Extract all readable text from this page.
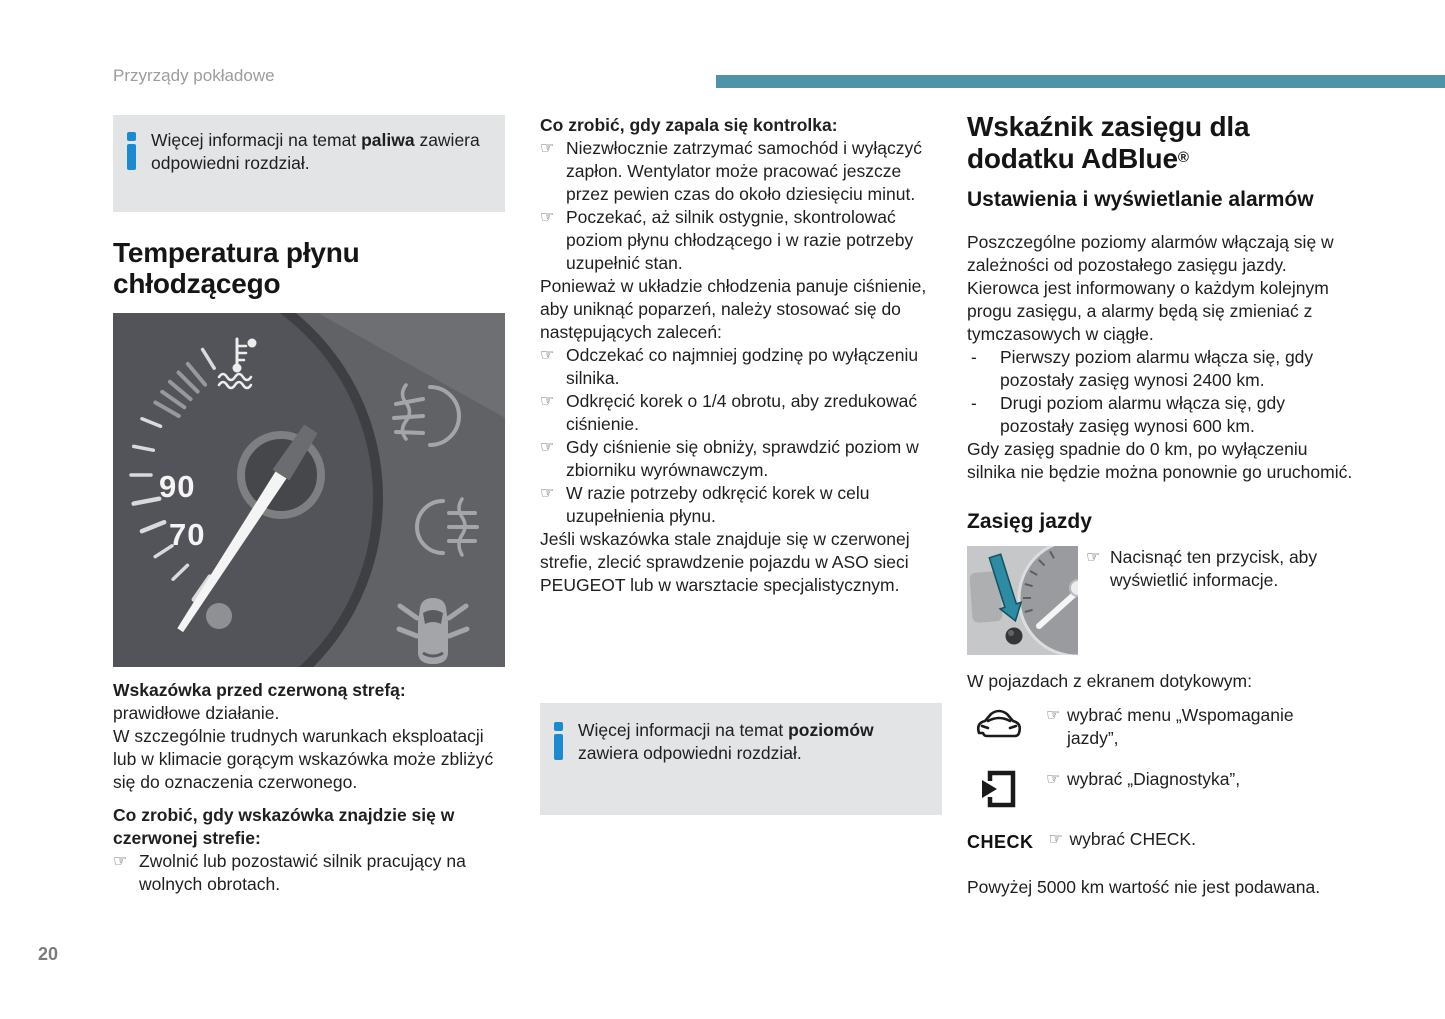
Przyrządy pokładowe
Więcej informacji na temat paliwa zawiera odpowiedni rozdział.
Temperatura płynu chłodzącego
90
70
Wskazówka przed czerwoną strefą:
prawidłowe działanie.
W szczególnie trudnych warunkach eksploatacji lub w klimacie gorącym wskazówka może zbliżyć się do oznaczenia czerwonego.
Co zrobić, gdy wskazówka znajdzie się w czerwonej strefie:
☞ Zwolnić lub pozostawić silnik pracujący na wolnych obrotach.
Co zrobić, gdy zapala się kontrolka:
☞ Niezwłocznie zatrzymać samochód i wyłączyć zapłon. Wentylator może pracować jeszcze przez pewien czas do około dziesięciu minut.
☞ Poczekać, aż silnik ostygnie, skontrolować poziom płynu chłodzącego i w razie potrzeby uzupełnić stan.
Ponieważ w układzie chłodzenia panuje ciśnienie, aby uniknąć poparzeń, należy stosować się do następujących zaleceń:
☞ Odczekać co najmniej godzinę po wyłączeniu silnika.
☞ Odkręcić korek o 1/4 obrotu, aby zredukować ciśnienie.
☞ Gdy ciśnienie się obniży, sprawdzić poziom w zbiorniku wyrównawczym.
☞ W razie potrzeby odkręcić korek w celu uzupełnienia płynu.
Jeśli wskazówka stale znajduje się w czerwonej strefie, zlecić sprawdzenie pojazdu w ASO sieci PEUGEOT lub w warsztacie specjalistycznym.
Więcej informacji na temat poziomów zawiera odpowiedni rozdział.
Wskaźnik zasięgu dla dodatku AdBlue®
Ustawienia i wyświetlanie alarmów
Poszczególne poziomy alarmów włączają się w zależności od pozostałego zasięgu jazdy. Kierowca jest informowany o każdym kolejnym progu zasięgu, a alarmy będą się zmieniać z tymczasowych w ciągłe.
-	Pierwszy poziom alarmu włącza się, gdy pozostały zasięg wynosi 2400 km.
-	Drugi poziom alarmu włącza się, gdy pozostały zasięg wynosi 600 km.
Gdy zasięg spadnie do 0 km, po wyłączeniu silnika nie będzie można ponownie go uruchomić.
Zasięg jazdy
☞ Nacisnąć ten przycisk, aby wyświetlić informacje.
W pojazdach z ekranem dotykowym:
☞ wybrać menu „Wspomaganie jazdy”,
☞ wybrać „Diagnostyka”,
CHECK ☞ wybrać CHECK.
Powyżej 5000 km wartość nie jest podawana.
20
